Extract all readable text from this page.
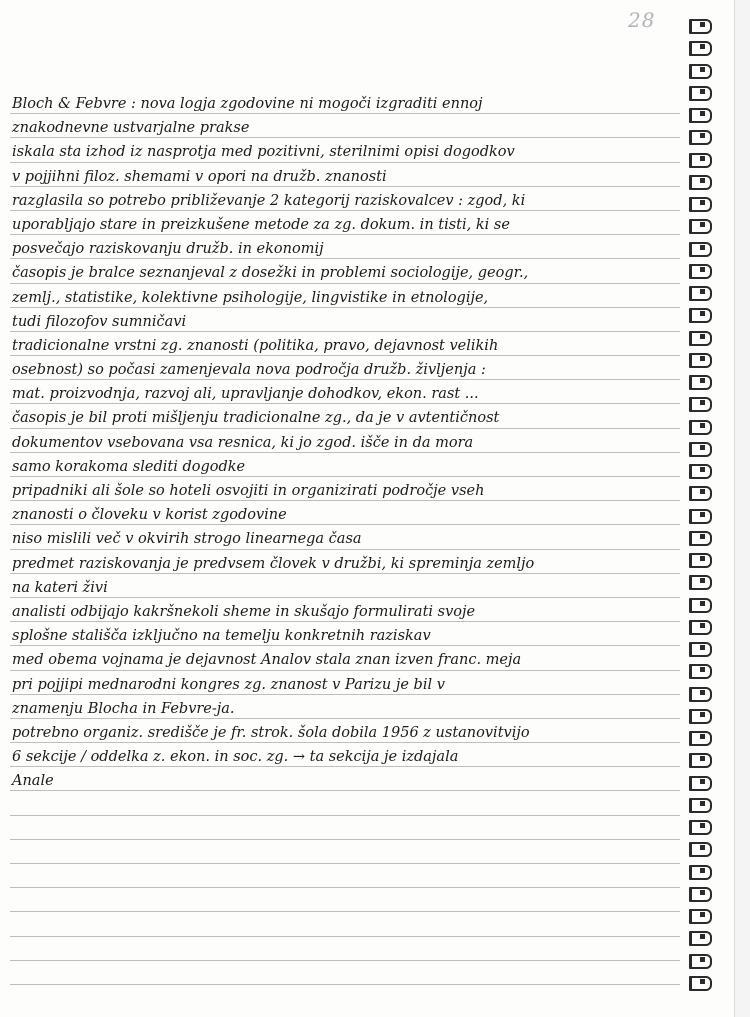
28
Bloch & Febvre : nova logja zgodovine ni mogoči izgraditi ennoj
znakodnevne ustvarjalne prakse
iskala sta izhod iz nasprotja med pozitivni, sterilnimi opisi dogodkov
v pojjihni filoz. shemami v opori na družb. znanosti
razglasila so potrebo približevanje 2 kategorij raziskovalcev : zgod, ki
uporabljajo stare in preizkušene metode za zg. dokum. in tisti, ki se
posvečajo raziskovanju družb. in ekonomij
časopis je bralce seznanjeval z dosežki in problemi sociologije, geogr.,
zemlj., statistike, kolektivne psihologije, lingvistike in etnologije,
tudi filozofov sumničavi
tradicionalne vrstni zg. znanosti (politika, pravo, dejavnost velikih
osebnost) so počasi zamenjevala nova področja družb. življenja :
mat. proizvodnja, razvoj ali, upravljanje dohodkov, ekon. rast ...
časopis je bil proti mišljenju tradicionalne zg., da je v avtentičnost
dokumentov vsebovana vsa resnica, ki jo zgod. išče in da mora
samo korakoma slediti dogodke
pripadniki ali šole so hoteli osvojiti in organizirati področje vseh
znanosti o človeku v korist zgodovine
niso mislili več v okvirih strogo linearnega časa
predmet raziskovanja je predvsem človek v družbi, ki spreminja zemljo
na kateri živi
analisti odbijajo kakršnekoli sheme in skušajo formulirati svoje
splošne stališča izključno na temelju konkretnih raziskav
med obema vojnama je dejavnost Analov stala znan izven franc. meja
pri pojjipi mednarodni kongres zg. znanost v Parizu je bil v
znamenju Blocha in Febvre-ja.
potrebno organiz. središče je fr. strok. šola dobila 1956 z ustanovitvijo
6 sekcije / oddelka z. ekon. in soc. zg. → ta sekcija je izdajala
Anale
